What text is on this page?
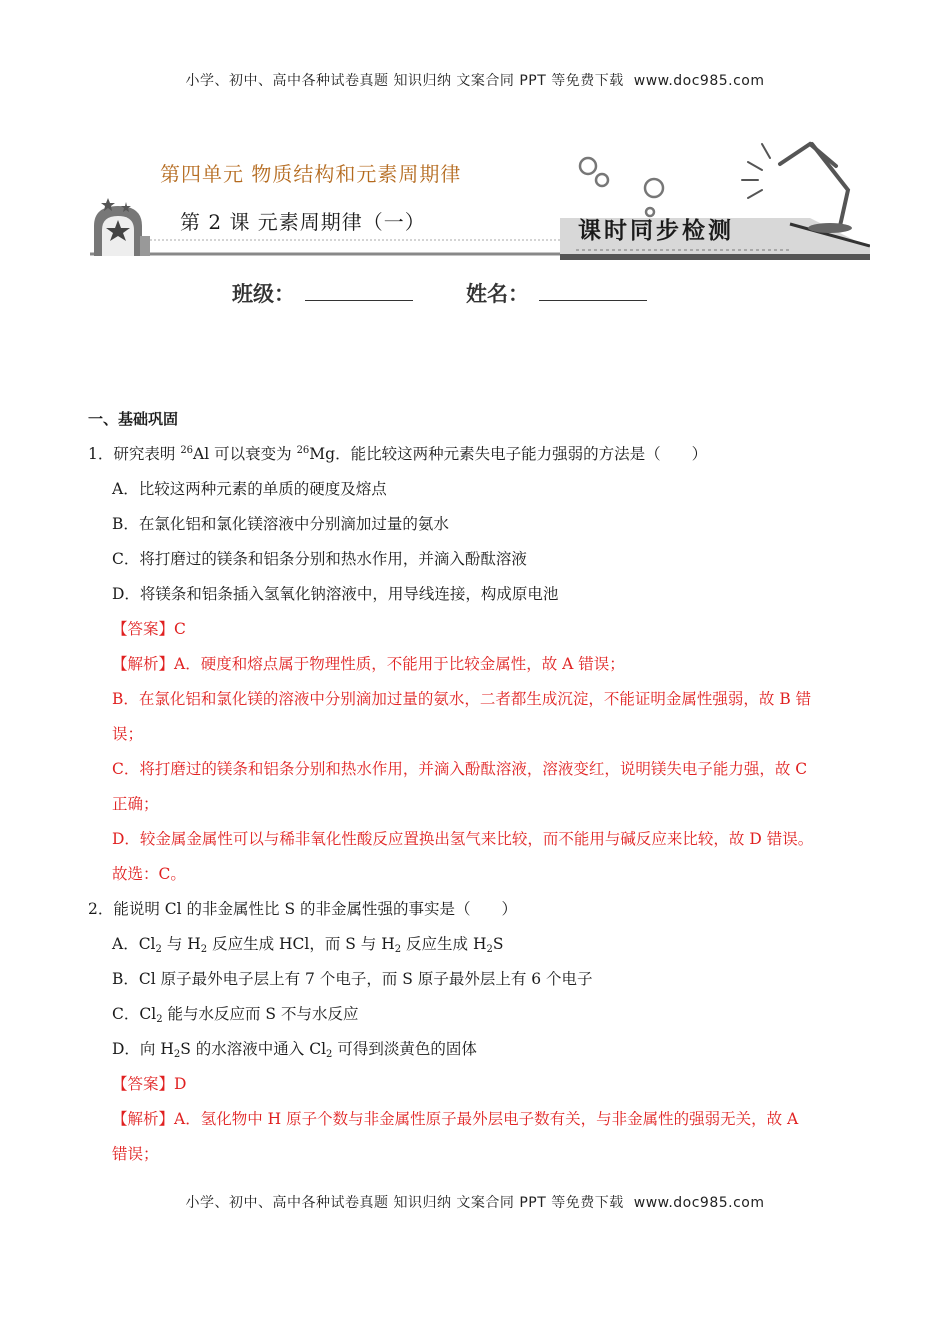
小学、初中、高中各种试卷真题 知识归纳 文案合同 PPT 等免费下载 www.doc985.com
第四单元 物质结构和元素周期律
第 2 课 元素周期律（一）	课时同步检测
班级：	姓名：

一、基础巩固

1．研究表明 $^{26}$Al 可以衰变为 $^{26}$Mg．能比较这两种元素失电子能力强弱的方法是（　　）

A．比较这两种元素的单质的硬度及熔点

B．在氯化铝和氯化镁溶液中分别滴加过量的氨水

C．将打磨过的镁条和铝条分别和热水作用，并滴入酚酞溶液

D．将镁条和铝条插入氢氧化钠溶液中，用导线连接，构成原电池

【答案】C

【解析】A．硬度和熔点属于物理性质，不能用于比较金属性，故 A 错误；

B．在氯化铝和氯化镁的溶液中分别滴加过量的氨水，二者都生成沉淀，不能证明金属性强弱，故 B 错

误；

C．将打磨过的镁条和铝条分别和热水作用，并滴入酚酞溶液，溶液变红，说明镁失电子能力强，故 C

正确；

D．较金属金属性可以与稀非氧化性酸反应置换出氢气来比较，而不能用与碱反应来比较，故 D 错误。

故选：C。

2．能说明 Cl 的非金属性比 S 的非金属性强的事实是（　　）

A．$Cl_2$ 与 $H_2$ 反应生成 HCl，而 S 与 $H_2$ 反应生成 $H_2S$

B．Cl 原子最外电子层上有 7 个电子，而 S 原子最外层上有 6 个电子

C．$Cl_2$ 能与水反应而 S 不与水反应

D．向 $H_2S$ 的水溶液中通入 $Cl_2$ 可得到淡黄色的固体

【答案】D

【解析】A．氢化物中 H 原子个数与非金属性原子最外层电子数有关，与非金属性的强弱无关，故 A

错误；

小学、初中、高中各种试卷真题 知识归纳 文案合同 PPT 等免费下载 www.doc985.com
